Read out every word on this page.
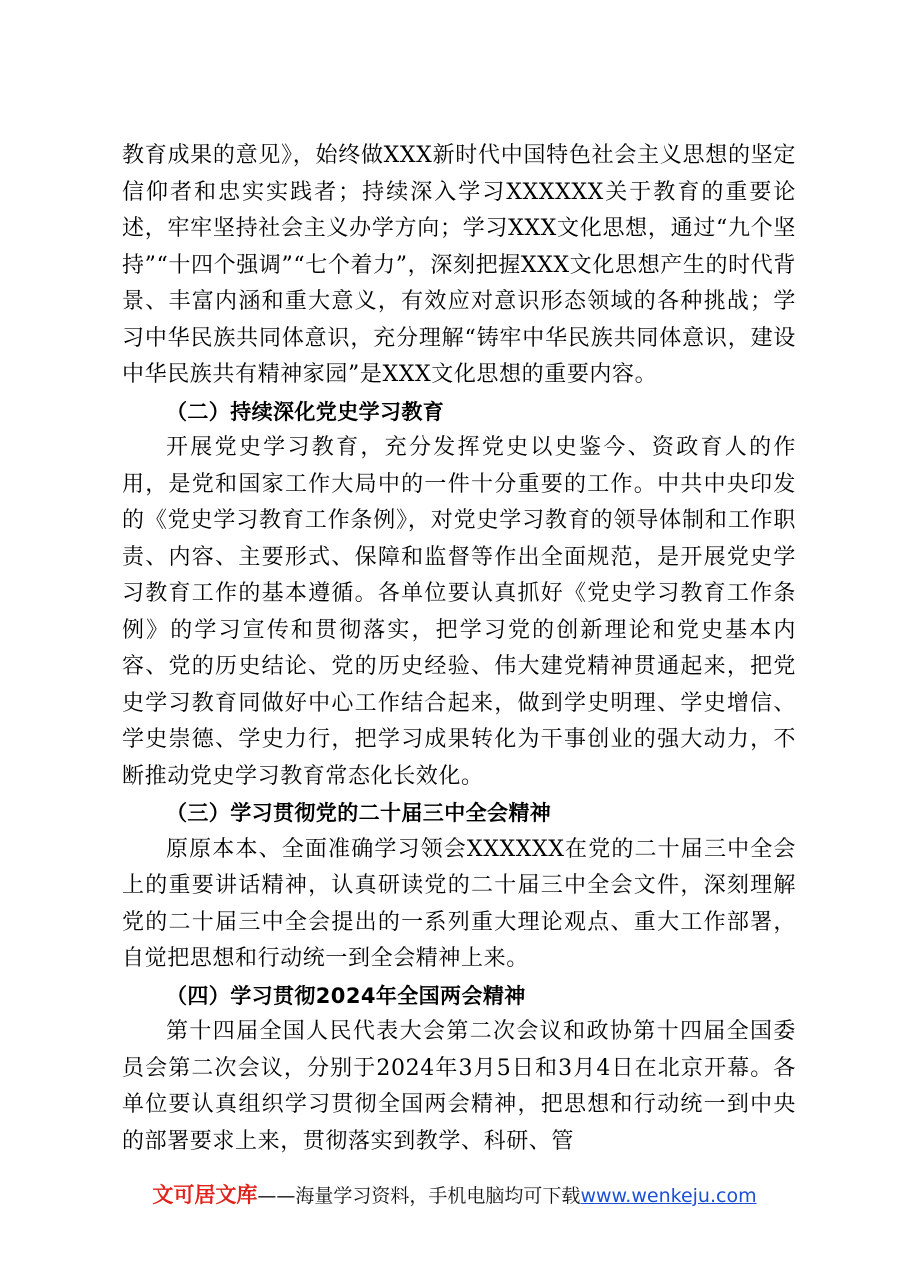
教育成果的意见》，始终做XXX新时代中国特色社会主义思想的坚定信仰者和忠实实践者；持续深入学习XXXXXX关于教育的重要论述，牢牢坚持社会主义办学方向；学习XXX文化思想，通过“九个坚持”“十四个强调”“七个着力”，深刻把握XXX文化思想产生的时代背景、丰富内涵和重大意义，有效应对意识形态领域的各种挑战；学习中华民族共同体意识，充分理解“铸牢中华民族共同体意识，建设中华民族共有精神家园”是XXX文化思想的重要内容。

（二）持续深化党史学习教育

开展党史学习教育，充分发挥党史以史鉴今、资政育人的作用，是党和国家工作大局中的一件十分重要的工作。中共中央印发的《党史学习教育工作条例》，对党史学习教育的领导体制和工作职责、内容、主要形式、保障和监督等作出全面规范，是开展党史学习教育工作的基本遵循。各单位要认真抓好《党史学习教育工作条例》的学习宣传和贯彻落实，把学习党的创新理论和党史基本内容、党的历史结论、党的历史经验、伟大建党精神贯通起来，把党史学习教育同做好中心工作结合起来，做到学史明理、学史增信、学史崇德、学史力行，把学习成果转化为干事创业的强大动力，不断推动党史学习教育常态化长效化。

（三）学习贯彻党的二十届三中全会精神

原原本本、全面准确学习领会XXXXXX在党的二十届三中全会上的重要讲话精神，认真研读党的二十届三中全会文件，深刻理解党的二十届三中全会提出的一系列重大理论观点、重大工作部署，自觉把思想和行动统一到全会精神上来。

（四）学习贯彻2024年全国两会精神

第十四届全国人民代表大会第二次会议和政协第十四届全国委员会第二次会议，分别于2024年3月5日和3月4日在北京开幕。各单位要认真组织学习贯彻全国两会精神，把思想和行动统一到中央的部署要求上来，贯彻落实到教学、科研、管

文可居文库——海量学习资料，手机电脑均可下载www.wenkeju.com
